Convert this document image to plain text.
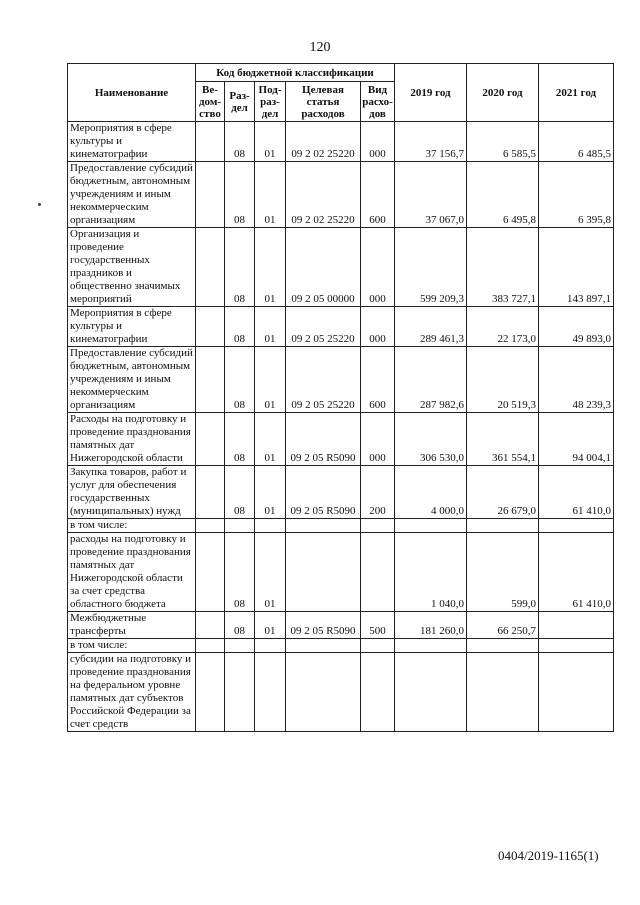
120
Наименование	Код бюджетной классификации					2019 год	2020 год	2021 год
	Ве-дом-ство	Раз-дел	Под-раз-дел	Целевая статья расходов	Вид расхо-дов			
Мероприятия в сфере культуры и кинематографии		08	01	09 2 02 25220	000	37 156,7	6 585,5	6 485,5
Предоставление субсидий бюджетным, автономным учреждениям и иным некоммерческим организациям		08	01	09 2 02 25220	600	37 067,0	6 495,8	6 395,8
Организация и проведение государственных праздников и общественно значимых мероприятий		08	01	09 2 05 00000	000	599 209,3	383 727,1	143 897,1
Мероприятия в сфере культуры и кинематографии		08	01	09 2 05 25220	000	289 461,3	22 173,0	49 893,0
Предоставление субсидий бюджетным, автономным учреждениям и иным некоммерческим организациям		08	01	09 2 05 25220	600	287 982,6	20 519,3	48 239,3
Расходы на подготовку и проведение празднования памятных дат Нижегородской области		08	01	09 2 05 R5090	000	306 530,0	361 554,1	94 004,1
Закупка товаров, работ и услуг для обеспечения государственных (муниципальных) нужд		08	01	09 2 05 R5090	200	4 000,0	26 679,0	61 410,0
в том числе:								
расходы на подготовку и проведение празднования памятных дат Нижегородской области за счет средства областного бюджета		08	01			1 040,0	599,0	61 410,0
Межбюджетные трансферты		08	01	09 2 05 R5090	500	181 260,0	66 250,7	
в том числе:								
субсидии на подготовку и проведение празднования на федеральном уровне памятных дат субъектов Российской Федерации за счет средств								
0404/2019-1165(1)
